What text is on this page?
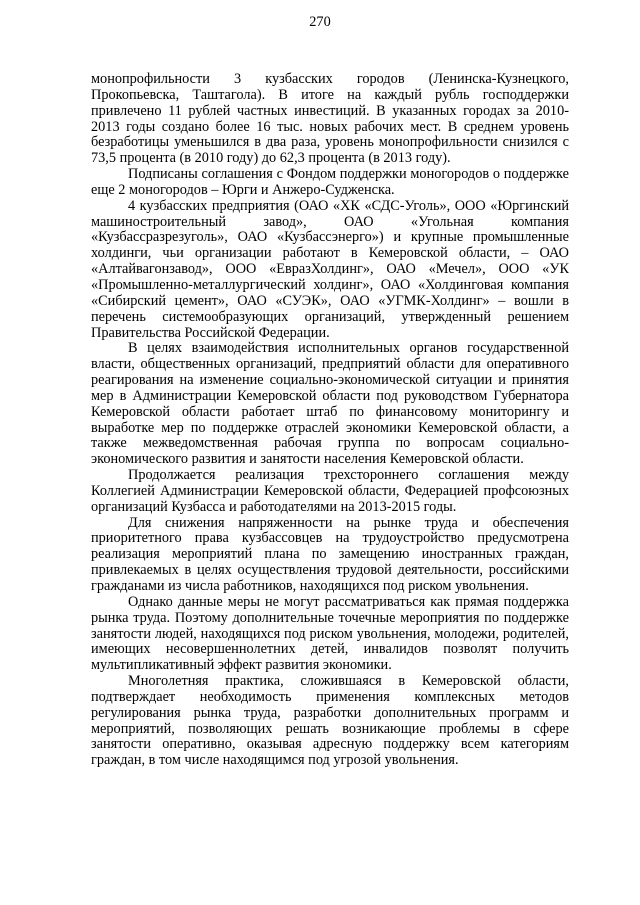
270

монопрофильности 3 кузбасских городов (Ленинска-Кузнецкого, Прокопьевска, Таштагола). В итоге на каждый рубль господдержки привлечено 11 рублей частных инвестиций. В указанных городах за 2010-2013 годы создано более 16 тыс. новых рабочих мест. В среднем уровень безработицы уменьшился в два раза, уровень монопрофильности снизился с 73,5 процента (в 2010 году) до 62,3 процента (в 2013 году).

Подписаны соглашения с Фондом поддержки моногородов о поддержке еще 2 моногородов – Юрги и Анжеро-Судженска.

4 кузбасских предприятия (ОАО «ХК «СДС-Уголь», ООО «Юргинский машиностроительный завод», ОАО «Угольная компания «Кузбассразрезуголь», ОАО «Кузбассэнерго») и крупные промышленные холдинги, чьи организации работают в Кемеровской области, – ОАО «Алтайвагонзавод», ООО «ЕвразХолдинг», ОАО «Мечел», ООО «УК «Промышленно-металлургический холдинг», ОАО «Холдинговая компания «Сибирский цемент», ОАО «СУЭК», ОАО «УГМК-Холдинг» – вошли в перечень системообразующих организаций, утвержденный решением Правительства Российской Федерации.

В целях взаимодействия исполнительных органов государственной власти, общественных организаций, предприятий области для оперативного реагирования на изменение социально-экономической ситуации и принятия мер в Администрации Кемеровской области под руководством Губернатора Кемеровской области работает штаб по финансовому мониторингу и выработке мер по поддержке отраслей экономики Кемеровской области, а также межведомственная рабочая группа по вопросам социально-экономического развития и занятости населения Кемеровской области.

Продолжается реализация трехстороннего соглашения между Коллегией Администрации Кемеровской области, Федерацией профсоюзных организаций Кузбасса и работодателями на 2013-2015 годы.

Для снижения напряженности на рынке труда и обеспечения приоритетного права кузбассовцев на трудоустройство предусмотрена реализация мероприятий плана по замещению иностранных граждан, привлекаемых в целях осуществления трудовой деятельности, российскими гражданами из числа работников, находящихся под риском увольнения.

Однако данные меры не могут рассматриваться как прямая поддержка рынка труда. Поэтому дополнительные точечные мероприятия по поддержке занятости людей, находящихся под риском увольнения, молодежи, родителей, имеющих несовершеннолетних детей, инвалидов позволят получить мультипликативный эффект развития экономики.

Многолетняя практика, сложившаяся в Кемеровской области, подтверждает необходимость применения комплексных методов регулирования рынка труда, разработки дополнительных программ и мероприятий, позволяющих решать возникающие проблемы в сфере занятости оперативно, оказывая адресную поддержку всем категориям граждан, в том числе находящимся под угрозой увольнения.
